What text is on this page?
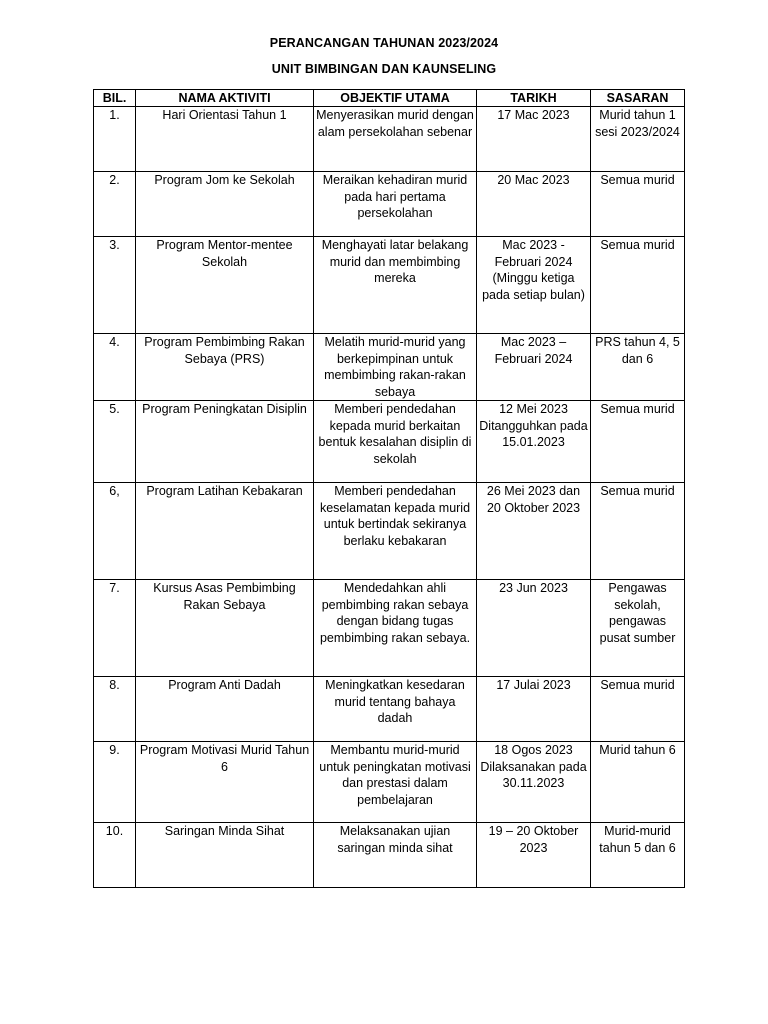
PERANCANGAN TAHUNAN 2023/2024
UNIT BIMBINGAN DAN KAUNSELING
BIL.	NAMA AKTIVITI	OBJEKTIF UTAMA	TARIKH	SASARAN
1.	Hari Orientasi Tahun 1	Menyerasikan murid dengan alam persekolahan sebenar	17 Mac 2023	Murid tahun 1 sesi 2023/2024
2.	Program Jom ke Sekolah	Meraikan kehadiran murid pada hari pertama persekolahan	20 Mac 2023	Semua murid
3.	Program Mentor-mentee Sekolah	Menghayati latar belakang murid dan membimbing mereka	Mac 2023 - Februari 2024 (Minggu ketiga pada setiap bulan)	Semua murid
4.	Program Pembimbing Rakan Sebaya (PRS)	Melatih murid-murid yang berkepimpinan untuk membimbing rakan-rakan sebaya	Mac 2023 – Februari 2024	PRS tahun 4, 5 dan 6
5.	Program Peningkatan Disiplin	Memberi pendedahan kepada murid berkaitan bentuk kesalahan disiplin di sekolah	12 Mei 2023 Ditangguhkan pada 15.01.2023	Semua murid
6,	Program Latihan Kebakaran	Memberi pendedahan keselamatan kepada murid untuk bertindak sekiranya berlaku kebakaran	26 Mei 2023 dan 20 Oktober 2023	Semua murid
7.	Kursus Asas Pembimbing Rakan Sebaya	Mendedahkan ahli pembimbing rakan sebaya dengan bidang tugas pembimbing rakan sebaya.	23 Jun 2023	Pengawas sekolah, pengawas pusat sumber
8.	Program Anti Dadah	Meningkatkan kesedaran murid tentang bahaya dadah	17 Julai 2023	Semua murid
9.	Program Motivasi Murid Tahun 6	Membantu murid-murid untuk peningkatan motivasi dan prestasi dalam pembelajaran	18 Ogos 2023 Dilaksanakan pada 30.11.2023	Murid tahun 6
10.	Saringan Minda Sihat	Melaksanakan ujian saringan minda sihat	19 – 20 Oktober 2023	Murid-murid tahun 5 dan 6
